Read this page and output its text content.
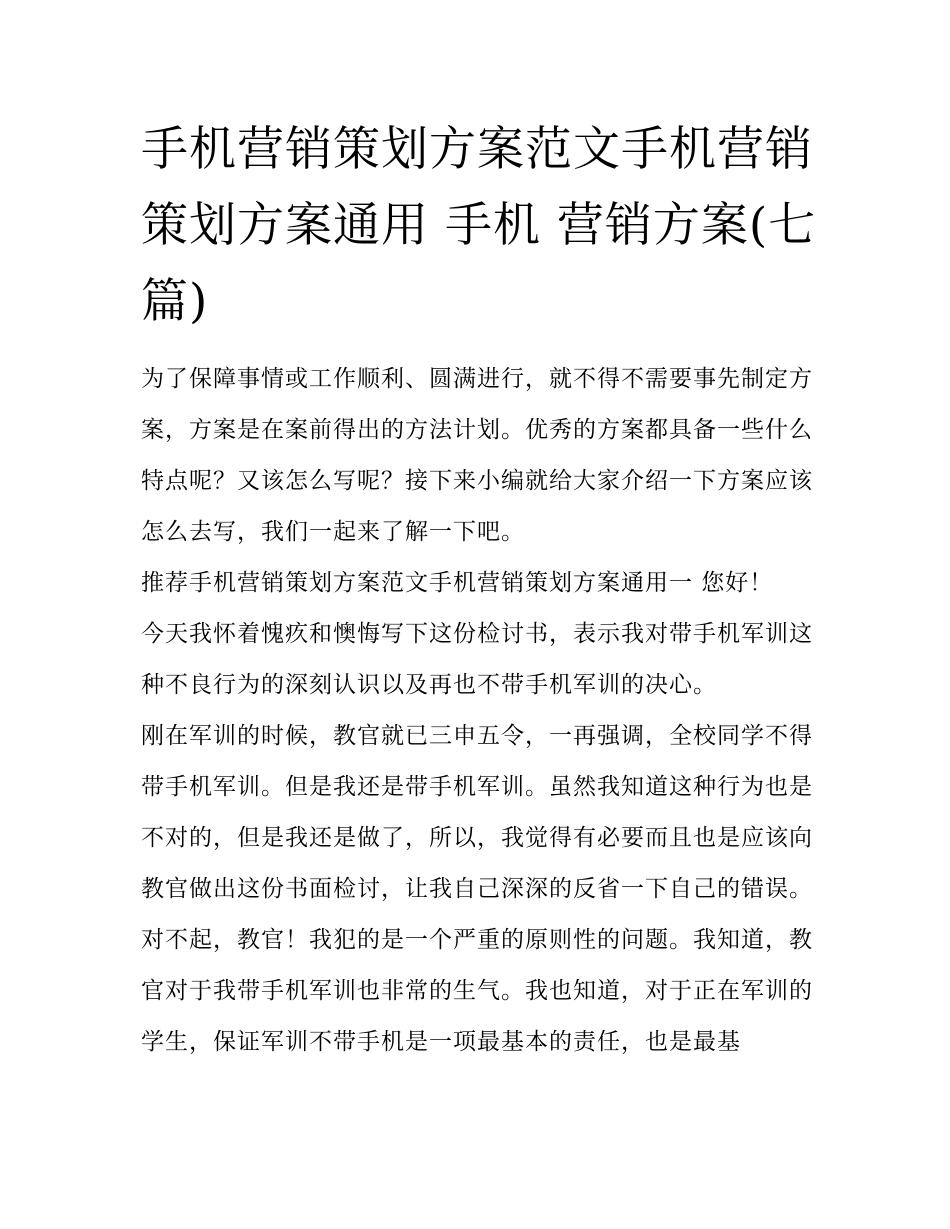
手机营销策划方案范文手机营销策划方案通用 手机 营销方案(七篇)

为了保障事情或工作顺利、圆满进行，就不得不需要事先制定方案，方案是在案前得出的方法计划。优秀的方案都具备一些什么特点呢？又该怎么写呢？接下来小编就给大家介绍一下方案应该怎么去写，我们一起来了解一下吧。

推荐手机营销策划方案范文手机营销策划方案通用一 您好！

今天我怀着愧疚和懊悔写下这份检讨书，表示我对带手机军训这种不良行为的深刻认识以及再也不带手机军训的决心。

刚在军训的时候，教官就已三申五令，一再强调，全校同学不得带手机军训。但是我还是带手机军训。虽然我知道这种行为也是不对的，但是我还是做了，所以，我觉得有必要而且也是应该向教官做出这份书面检讨，让我自己深深的反省一下自己的错误。

对不起，教官！我犯的是一个严重的原则性的问题。我知道，教官对于我带手机军训也非常的生气。我也知道，对于正在军训的学生，保证军训不带手机是一项最基本的责任，也是最基
